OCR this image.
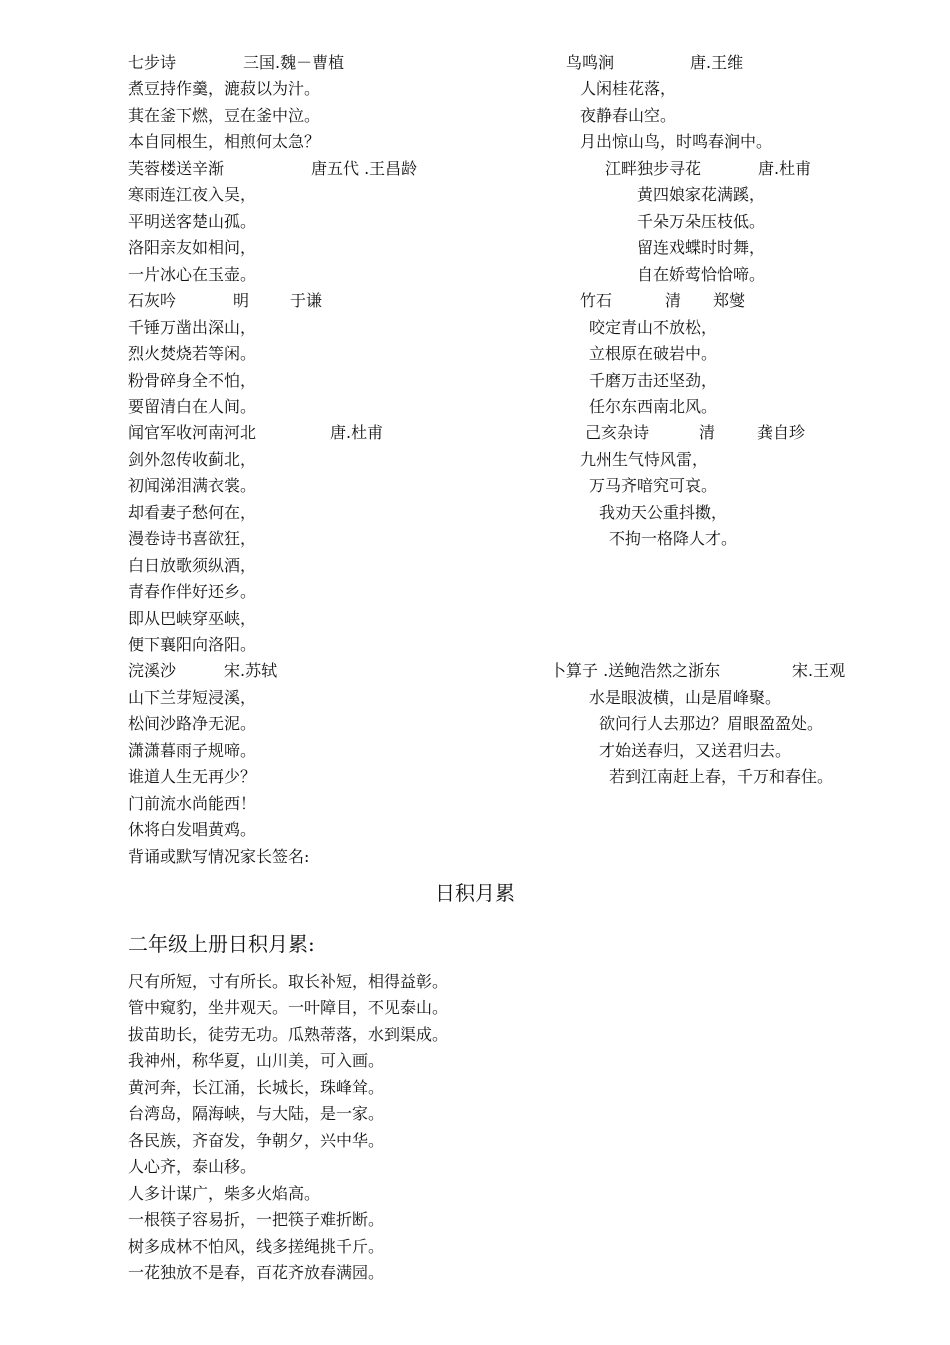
七步诗	三国.魏－曹植
煮豆持作羹，漉菽以为汁。
萁在釜下燃，豆在釜中泣。
本自同根生，相煎何太急？
芙蓉楼送辛渐	唐五代 .王昌龄
寒雨连江夜入吴，
平明送客楚山孤。
洛阳亲友如相问，
一片冰心在玉壶。
石灰吟	明	于谦
千锤万凿出深山，
烈火焚烧若等闲。
粉骨碎身全不怕，
要留清白在人间。
闻官军收河南河北	唐.杜甫
剑外忽传收蓟北，
初闻涕泪满衣裳。
却看妻子愁何在，
漫卷诗书喜欲狂，
白日放歌须纵酒，
青春作伴好还乡。
即从巴峡穿巫峡，
便下襄阳向洛阳。
浣溪沙	宋.苏轼
山下兰芽短浸溪，
松间沙路净无泥。
潇潇暮雨子规啼。
谁道人生无再少？
门前流水尚能西！
休将白发唱黄鸡。
背诵或默写情况家长签名:
鸟鸣涧	唐.王维
人闲桂花落，
夜静春山空。
月出惊山鸟，时鸣春涧中。
江畔独步寻花	唐.杜甫
黄四娘家花满蹊，
千朵万朵压枝低。
留连戏蝶时时舞，
自在娇莺恰恰啼。
竹石	清 郑燮
咬定青山不放松，
立根原在破岩中。
千磨万击还坚劲，
任尔东西南北风。
己亥杂诗	清	龚自珍
九州生气恃风雷，
万马齐喑究可哀。
我劝天公重抖擞，
不拘一格降人才。
卜算子 .送鲍浩然之浙东	宋.王观
水是眼波横，山是眉峰聚。
欲问行人去那边？眉眼盈盈处。
才始送春归，又送君归去。
若到江南赶上春，千万和春住。
日积月累
二年级上册日积月累:
尺有所短，寸有所长。取长补短，相得益彰。
管中窥豹，坐井观天。一叶障目，不见泰山。
拔苗助长，徒劳无功。瓜熟蒂落，水到渠成。
我神州，称华夏，山川美，可入画。
黄河奔，长江涌，长城长，珠峰耸。
台湾岛，隔海峡，与大陆，是一家。
各民族，齐奋发，争朝夕，兴中华。
人心齐，泰山移。
人多计谋广，柴多火焰高。
一根筷子容易折，一把筷子难折断。
树多成林不怕风，线多搓绳挑千斤。
一花独放不是春，百花齐放春满园。
